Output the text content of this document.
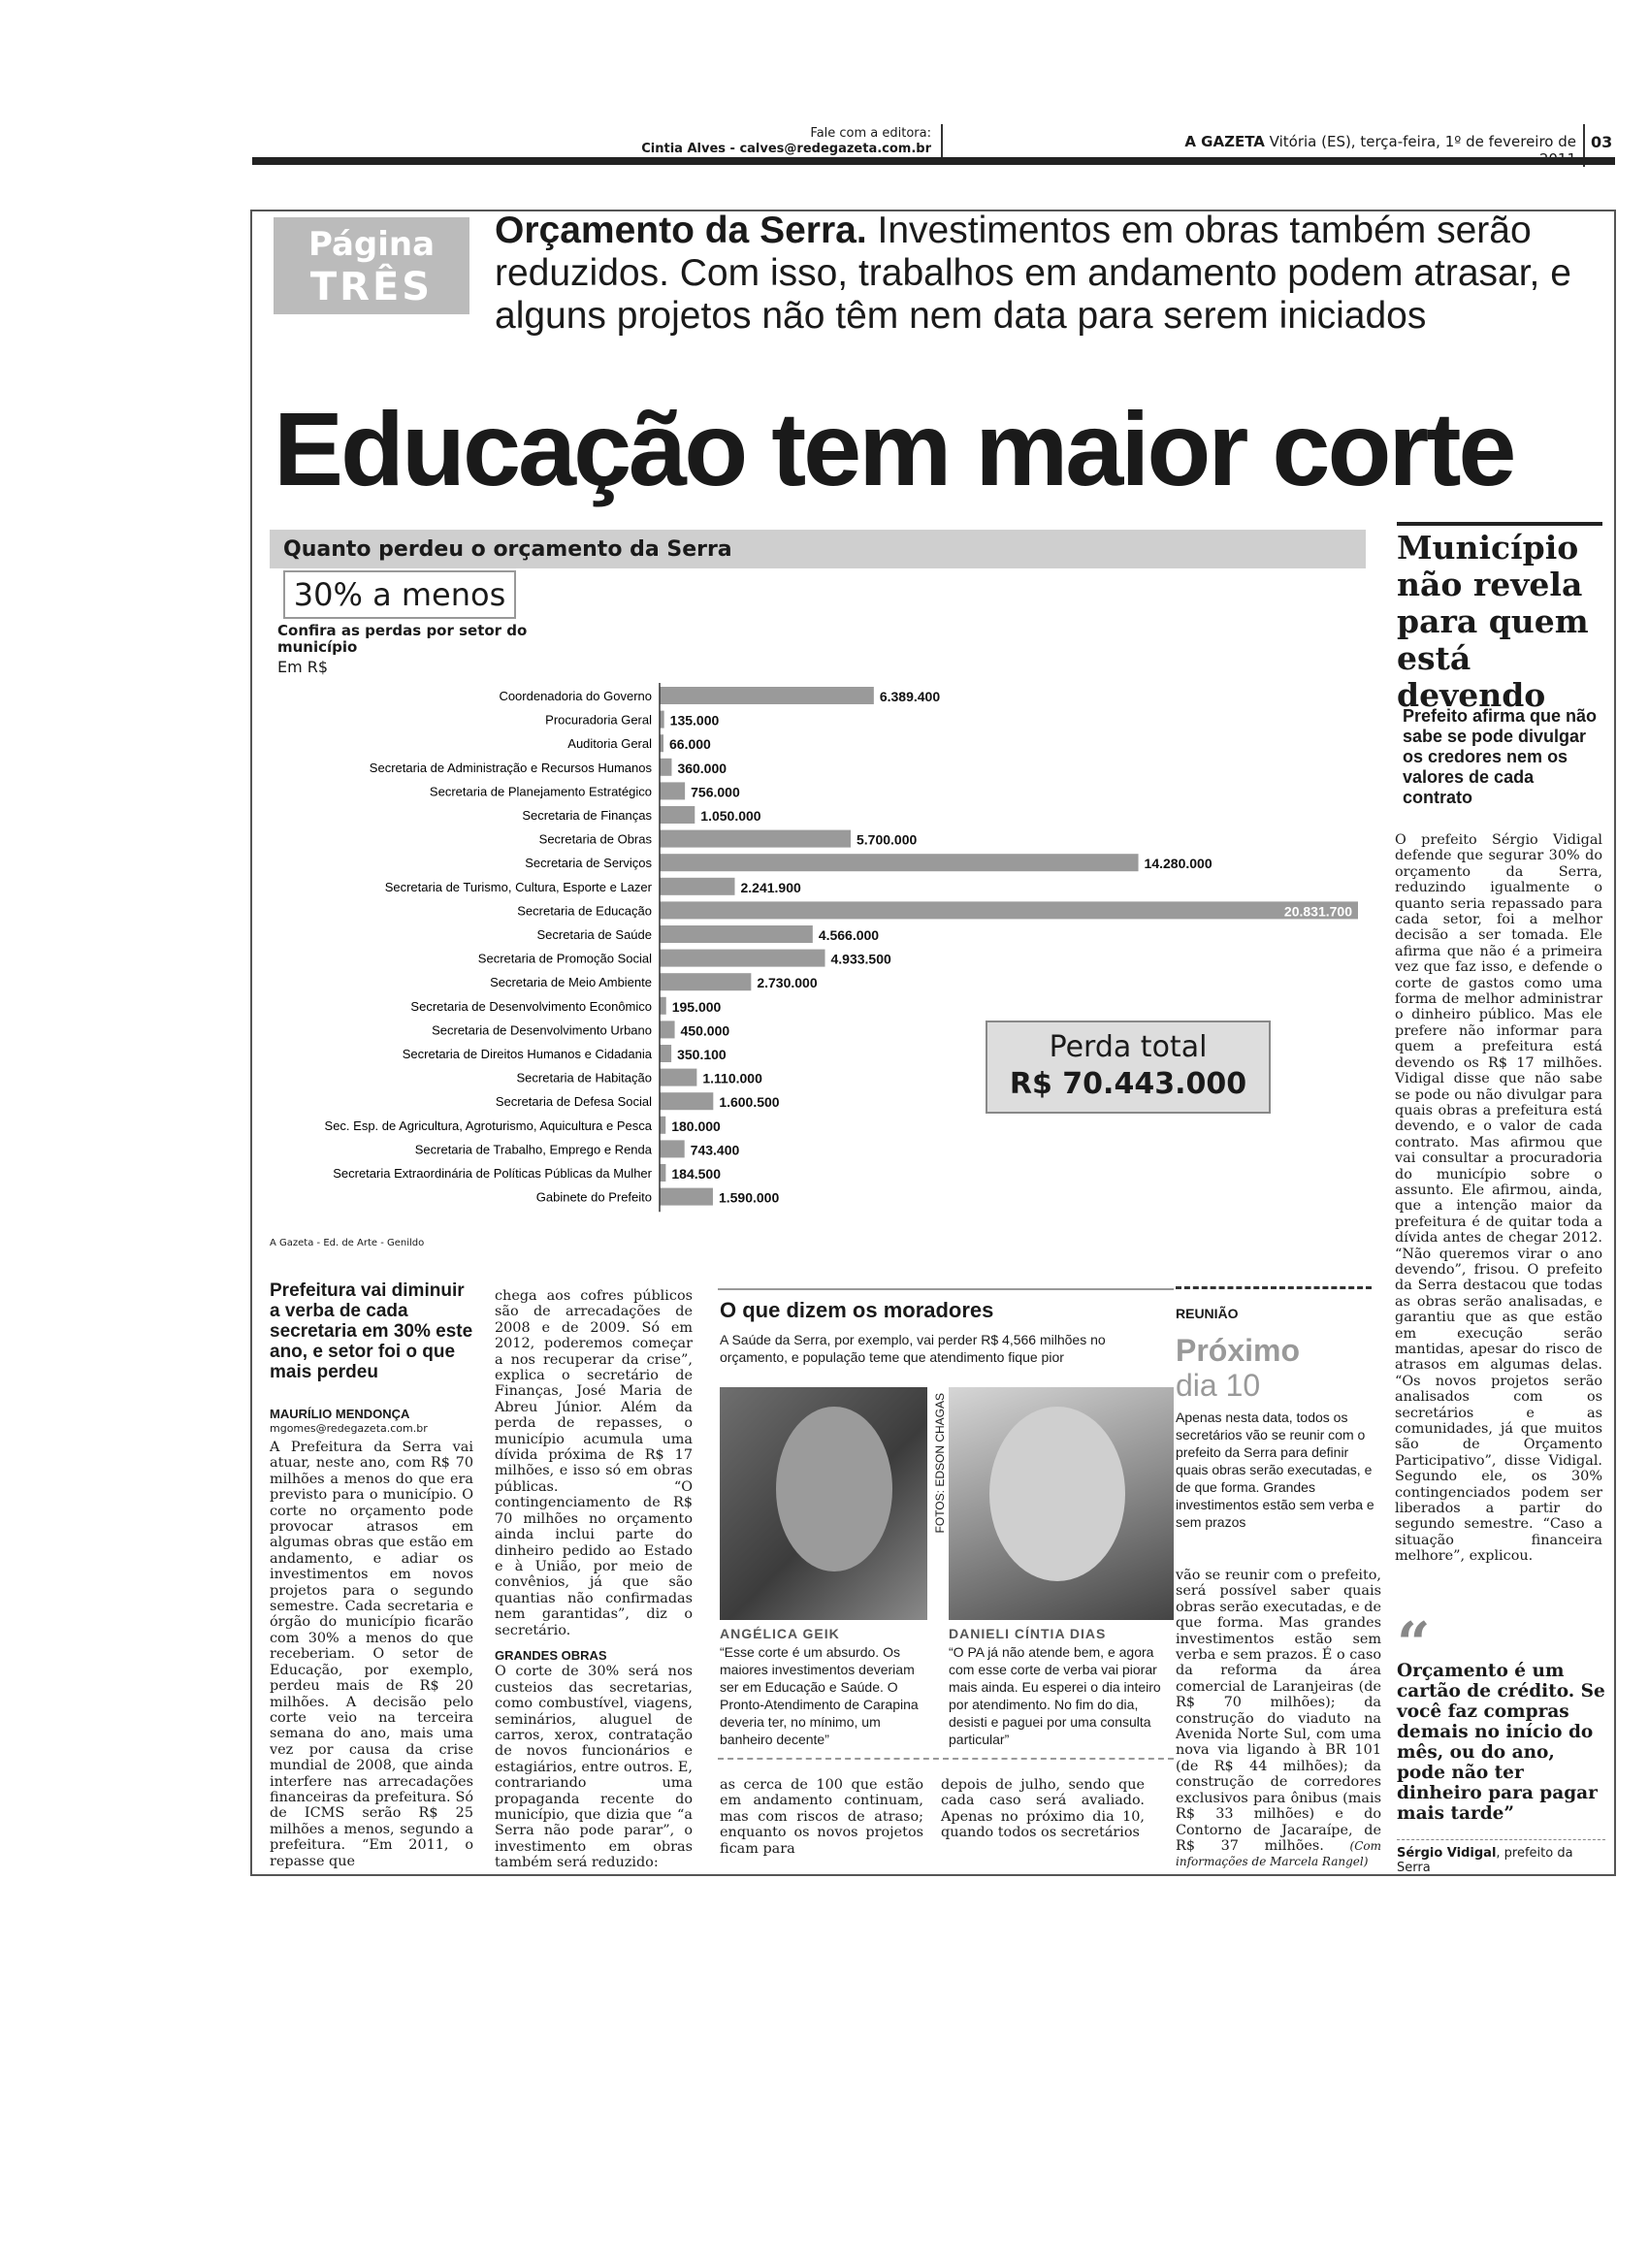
Fale com a editora:
Cintia Alves - calves@redegazeta.com.br	A GAZETA Vitória (ES), terça-feira, 1º de fevereiro de 03
Página
TRÊS
Orçamento da Serra. Investimentos em obras também serão reduzidos. Com isso, trabalhos em andamento podem atrasar, e alguns projetos não têm nem data para serem iniciados
Educação tem maior corte
Quanto perdeu o orçamento da Serra
30% a menos
Confira as perdas por setor do município
Em R$
Coordenadoria do Governo	6.389.400
Procuradoria Geral 135.000
Auditoria Geral 66.000
Secretaria de Administração e Recursos Humanos 360.000
Secretaria de Planejamento Estratégico	756.000
Secretaria de Finanças	1.050.000
Secretaria de Obras	5.700.000
Secretaria de Serviços	14.280.000
Secretaria de Turismo, Cultura, Esporte e Lazer	2.241.900
Secretaria de Educação	20.831.700
Secretaria de Saúde	4.566.000
Secretaria de Promoção Social	4.933.500
Secretaria de Meio Ambiente	2.730.000
Secretaria de Desenvolvimento Econômico 195.000
Secretaria de Desenvolvimento Urbano 450.000
Secretaria de Direitos Humanos e Cidadania 350.100
Secretaria de Habitação	1.110.000
Secretaria de Defesa Social	1.600.500
Sec. Esp. de Agricultura, Agroturismo, Aquicultura e Pesca 180.000
Secretaria de Trabalho, Emprego e Renda	743.400
Secretaria Extraordinária de Políticas Públicas da Mulher 184.500
Gabinete do Prefeito	1.590.000
Perda total
R$ 70.443.000
A Gazeta - Ed. de Arte - Genildo
Município não revela para quem está devendo
Prefeito afirma que não sabe se pode divulgar os credores nem os valores de cada contrato
O prefeito Sérgio Vidigal defende que segurar 30% do orçamento da Serra, reduzindo igualmente o quanto seria repassado para cada setor, foi a melhor decisão a ser tomada. Ele afirma que não é a primeira vez que faz isso, e defende o corte de gastos como uma forma de melhor administrar o dinheiro público. Mas ele prefere não informar para quem a prefeitura está devendo os R$ 17 milhões. Vidigal disse que não sabe se pode ou não divulgar para quais obras a prefeitura está devendo, e o valor de cada contrato. Mas afirmou que vai consultar a procuradoria do município sobre o assunto. Ele afirmou, ainda, que a intenção maior da prefeitura é de quitar toda a dívida antes de chegar 2012. “Não queremos virar o ano devendo”, frisou. O prefeito da Serra destacou que todas as obras serão analisadas, e garantiu que as que estão em execução serão mantidas, apesar do risco de atrasos em algumas delas. “Os novos projetos serão analisados com os secretários e as comunidades, já que muitos são de Orçamento Participativo”, disse Vidigal. Segundo ele, os 30% contingenciados podem ser liberados a partir do segundo semestre. “Caso a situação financeira melhore”, explicou.
“
Orçamento é um cartão de crédito. Se você faz compras demais no início do mês, ou do ano, pode não ter dinheiro para pagar mais tarde”
Sérgio Vidigal, prefeito da Serra
Prefeitura vai diminuir a verba de cada secretaria em 30% este ano, e setor foi o que mais perdeu
MAURÍLIO MENDONÇA
mgomes@redegazeta.com.br
A Prefeitura da Serra vai atuar, neste ano, com R$ 70 milhões a menos do que era previsto para o município. O corte no orçamento pode provocar atrasos em algumas obras que estão em andamento, e adiar os investimentos em novos projetos para o segundo semestre. Cada secretaria e órgão do município ficarão com 30% a menos do que receberiam. O setor de Educação, por exemplo, perdeu mais de R$ 20 milhões. A decisão pelo corte veio na terceira semana do ano, mais uma vez por causa da crise mundial de 2008, que ainda interfere nas arrecadações financeiras da prefeitura. Só de ICMS serão R$ 25 milhões a menos, segundo a prefeitura. “Em 2011, o repasse que
chega aos cofres públicos são de arrecadações de 2008 e de 2009. Só em 2012, poderemos começar a nos recuperar da crise”, explica o secretário de Finanças, José Maria de Abreu Júnior. Além da perda de repasses, o município acumula uma dívida próxima de R$ 17 milhões, e isso só em obras públicas. “O contingenciamento de R$ 70 milhões no orçamento ainda inclui parte do dinheiro pedido ao Estado e à União, por meio de convênios, já que são quantias não confirmadas nem garantidas”, diz o secretário.
GRANDES OBRAS
O corte de 30% será nos custeios das secretarias, como combustível, viagens, seminários, aluguel de carros, xerox, contratação de novos funcionários e estagiários, entre outros. E, contrariando uma propaganda recente do município, que dizia que “a Serra não pode parar”, o investimento em obras também será reduzido:
O que dizem os moradores
A Saúde da Serra, por exemplo, vai perder R$ 4,566 milhões no orçamento, e população teme que atendimento fique pior
FOTOS: EDSON CHAGAS
ANGÉLICA GEIK	DANIELI CÍNTIA DIAS
“Esse corte é um absurdo. Os maiores investimentos deveriam ser em Educação e Saúde. O Pronto-Atendimento de Carapina deveria ter, no mínimo, um banheiro decente”
“O PA já não atende bem, e agora com esse corte de verba vai piorar mais ainda. Eu esperei o dia inteiro por atendimento. No fim do dia, desisti e paguei por uma consulta particular”
as cerca de 100 que estão em andamento continuam, mas com riscos de atraso; enquanto os novos projetos ficam para
depois de julho, sendo que cada caso será avaliado. Apenas no próximo dia 10, quando todos os secretários
REUNIÃO
Próximo
dia 10
Apenas nesta data, todos os secretários vão se reunir com o prefeito da Serra para definir quais obras serão executadas, e de que forma. Grandes investimentos estão sem verba e sem prazos
vão se reunir com o prefeito, será possível saber quais obras serão executadas, e de que forma. Mas grandes investimentos estão sem verba e sem prazos. É o caso da reforma da área comercial de Laranjeiras (de R$ 70 milhões); da construção do viaduto na Avenida Norte Sul, com uma nova via ligando à BR 101 (de R$ 44 milhões); da construção de corredores exclusivos para ônibus (mais R$ 33 milhões) e do Contorno de Jacaraípe, de R$ 37 milhões. (Com informações de Marcela Rangel)
